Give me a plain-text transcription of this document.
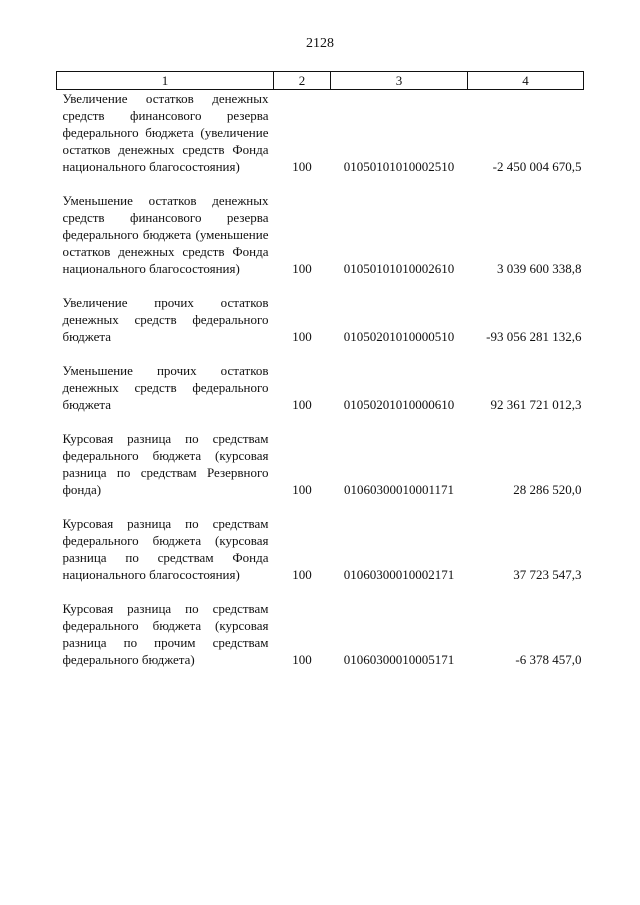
2128
1	2	3	4
Увеличение остатков денежных средств финансового резерва федерального бюджета (увеличение остатков денежных средств Фонда национального благосостояния)	100	01050101010002510	-2 450 004 670,5

Уменьшение остатков денежных средств финансового резерва федерального бюджета (уменьшение остатков денежных средств Фонда национального благосостояния)	100	01050101010002610	3 039 600 338,8

Увеличение прочих остатков денежных средств федерального бюджета	100	01050201010000510	-93 056 281 132,6

Уменьшение прочих остатков денежных средств федерального бюджета	100	01050201010000610	92 361 721 012,3

Курсовая разница по средствам федерального бюджета (курсовая разница по средствам Резервного фонда)	100	01060300010001171	28 286 520,0

Курсовая разница по средствам федерального бюджета (курсовая разница по средствам Фонда национального благосостояния)	100	01060300010002171	37 723 547,3

Курсовая разница по средствам федерального бюджета (курсовая разница по прочим средствам федерального бюджета)	100	01060300010005171	-6 378 457,0
